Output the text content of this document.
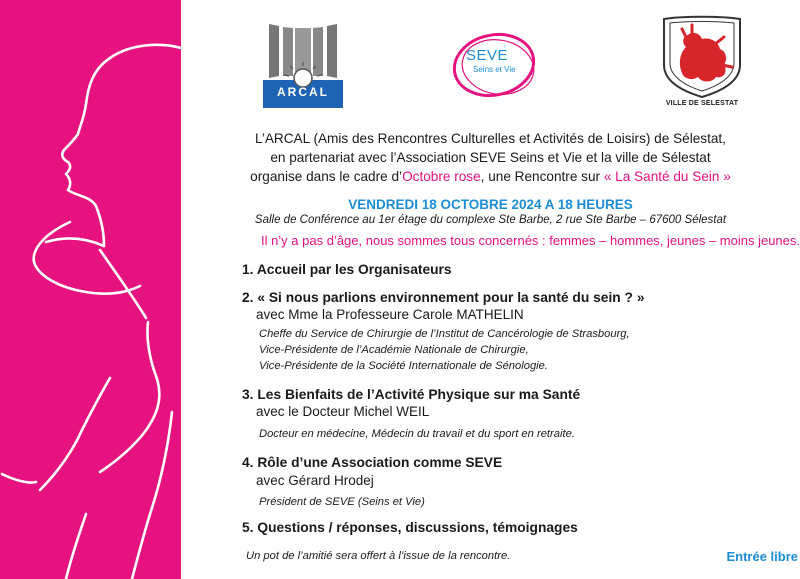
ARCAL
SEVE
Seins et Vie
VILLE DE SELESTAT
L’ARCAL (Amis des Rencontres Culturelles et Activités de Loisirs) de Sélestat,
en partenariat avec l’Association SEVE Seins et Vie et la ville de Sélestat
organise dans le cadre d’Octobre rose, une Rencontre sur « La Santé du Sein »
VENDREDI 18 OCTOBRE 2024 A 18 HEURES
Salle de Conférence au 1er étage du complexe Ste Barbe, 2 rue Ste Barbe – 67600 Sélestat
Il n’y a pas d’âge, nous sommes tous concernés : femmes – hommes, jeunes – moins jeunes.
1. Accueil par les Organisateurs
2. « Si nous parlions environnement pour la santé du sein ? »
avec Mme la Professeure Carole MATHELIN
Cheffe du Service de Chirurgie de l’Institut de Cancérologie de Strasbourg,
Vice-Présidente de l’Académie Nationale de Chirurgie,
Vice-Présidente de la Société Internationale de Sénologie.
3. Les Bienfaits de l’Activité Physique sur ma Santé
avec le Docteur Michel WEIL
Docteur en médecine, Médecin du travail et du sport en retraite.
4. Rôle d’une Association comme SEVE
avec Gérard Hrodej
Président de SEVE (Seins et Vie)
5. Questions / réponses, discussions, témoignages
Un pot de l’amitié sera offert à l’issue de la rencontre.	Entrée libre
